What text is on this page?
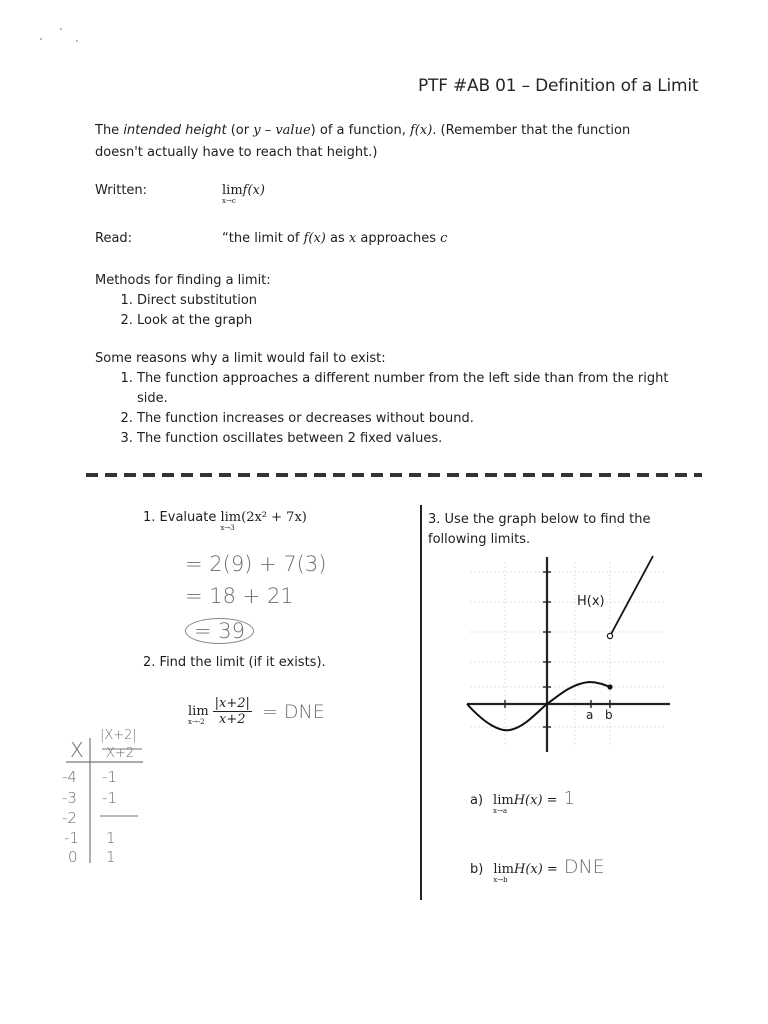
PTF #AB 01 – Definition of a Limit
The intended height (or y – value) of a function, f(x). (Remember that the function
doesn't actually have to reach that height.)
Written:	lim
x→c
f(x)
Read:	“the limit of f(x) as x approaches c
Methods for finding a limit:
1. Direct substitution
2. Look at the graph
Some reasons why a limit would fail to exist:
1. The function approaches a different number from the left side than from the right side.
2. The function increases or decreases without bound.
3. The function oscillates between 2 fixed values.
1. Evaluate lim
x→3
(2x² + 7x)
= 2(9) + 7(3)
= 18 + 21
= 39
2. Find the limit (if it exists).
lim
$x\to-2 \frac{|x+2|}{x+2}$ = DNE
X
|X+2|
X+2
-4 -1
-3 -1
-2
-1 1
0 1
3. Use the graph below to find the
following limits.
H(x)
a b
a) lim
x→a
H(x) = 1
b) lim
x→b
H(x) = DNE
